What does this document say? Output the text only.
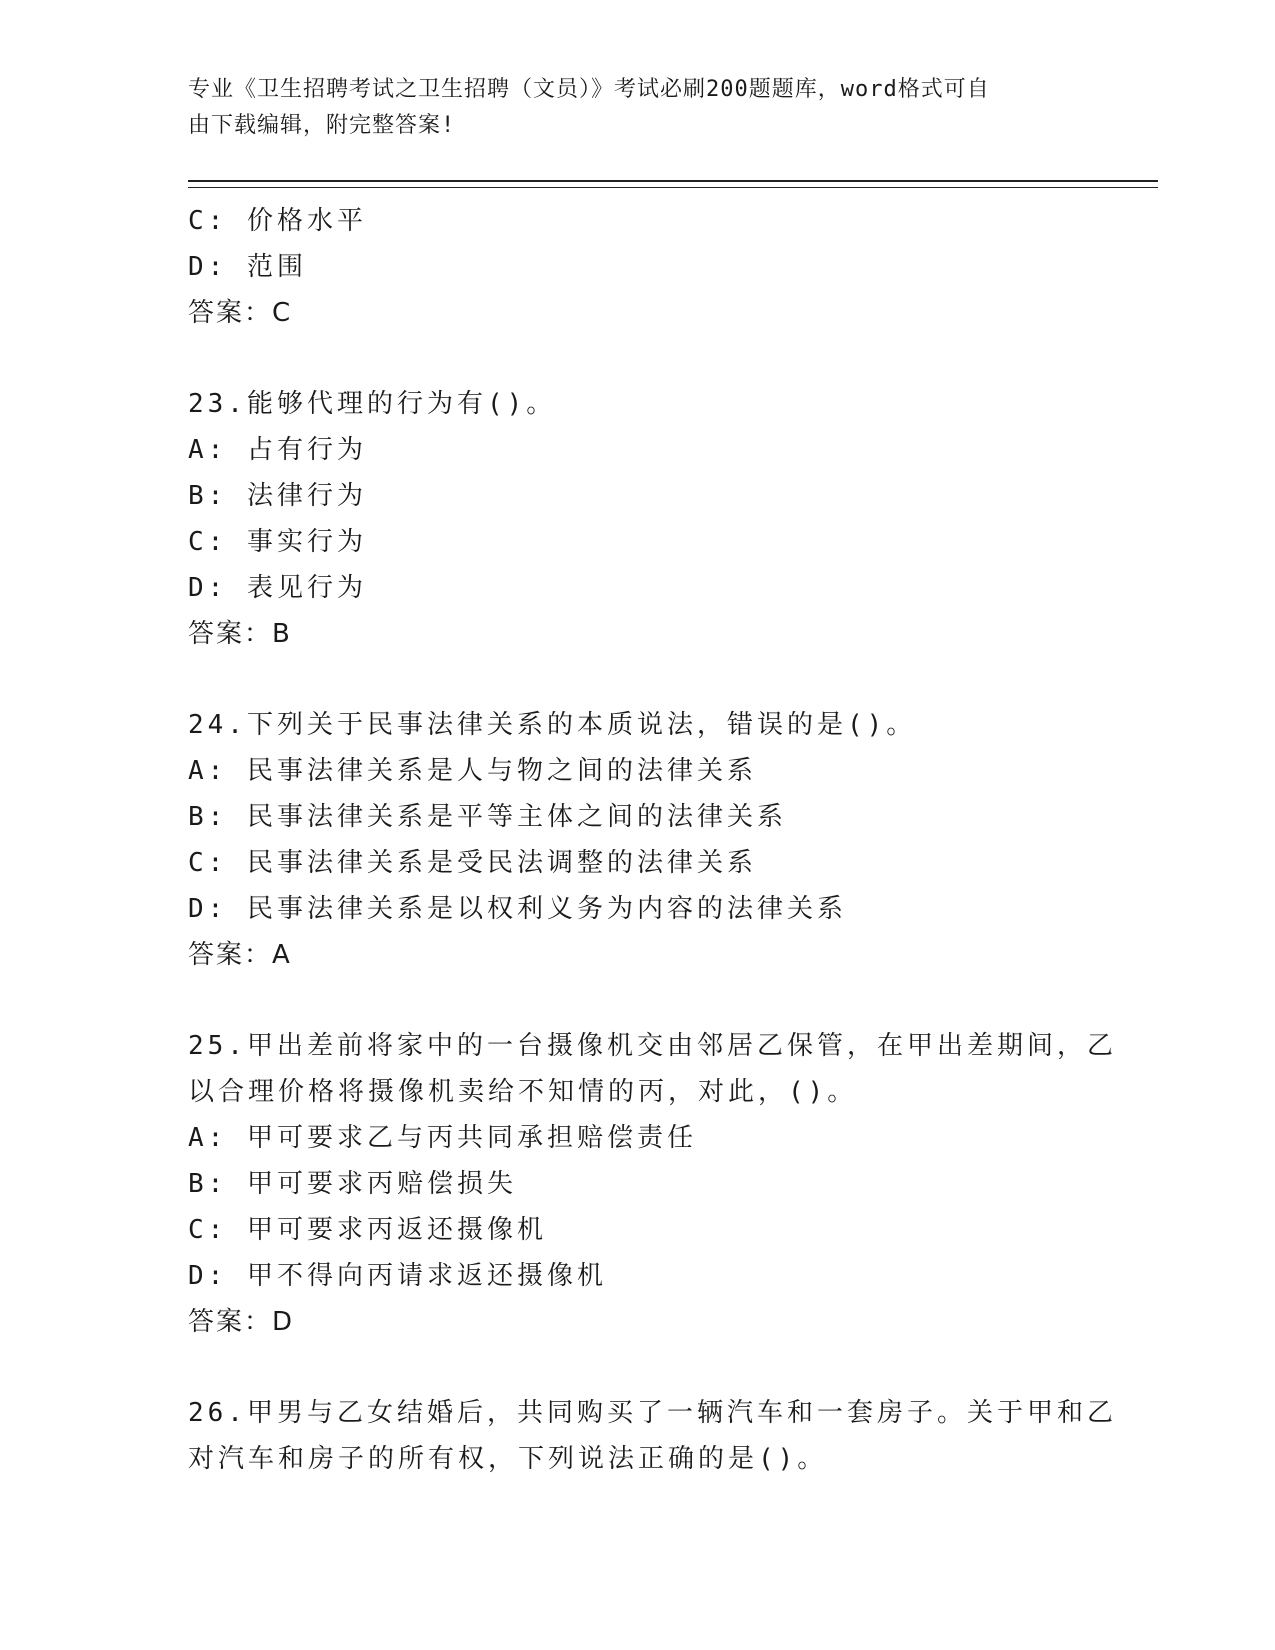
专业《卫生招聘考试之卫生招聘（文员）》考试必刷200题题库，word格式可自
由下载编辑，附完整答案!
C: 价格水平
D: 范围
答案：C
23.能够代理的行为有()。
A: 占有行为
B: 法律行为
C: 事实行为
D: 表见行为
答案：B
24.下列关于民事法律关系的本质说法，错误的是()。
A: 民事法律关系是人与物之间的法律关系
B: 民事法律关系是平等主体之间的法律关系
C: 民事法律关系是受民法调整的法律关系
D: 民事法律关系是以权利义务为内容的法律关系
答案：A
25.甲出差前将家中的一台摄像机交由邻居乙保管，在甲出差期间，乙
以合理价格将摄像机卖给不知情的丙，对此，()。
A: 甲可要求乙与丙共同承担赔偿责任
B: 甲可要求丙赔偿损失
C: 甲可要求丙返还摄像机
D: 甲不得向丙请求返还摄像机
答案：D
26.甲男与乙女结婚后，共同购买了一辆汽车和一套房子。关于甲和乙
对汽车和房子的所有权，下列说法正确的是()。
